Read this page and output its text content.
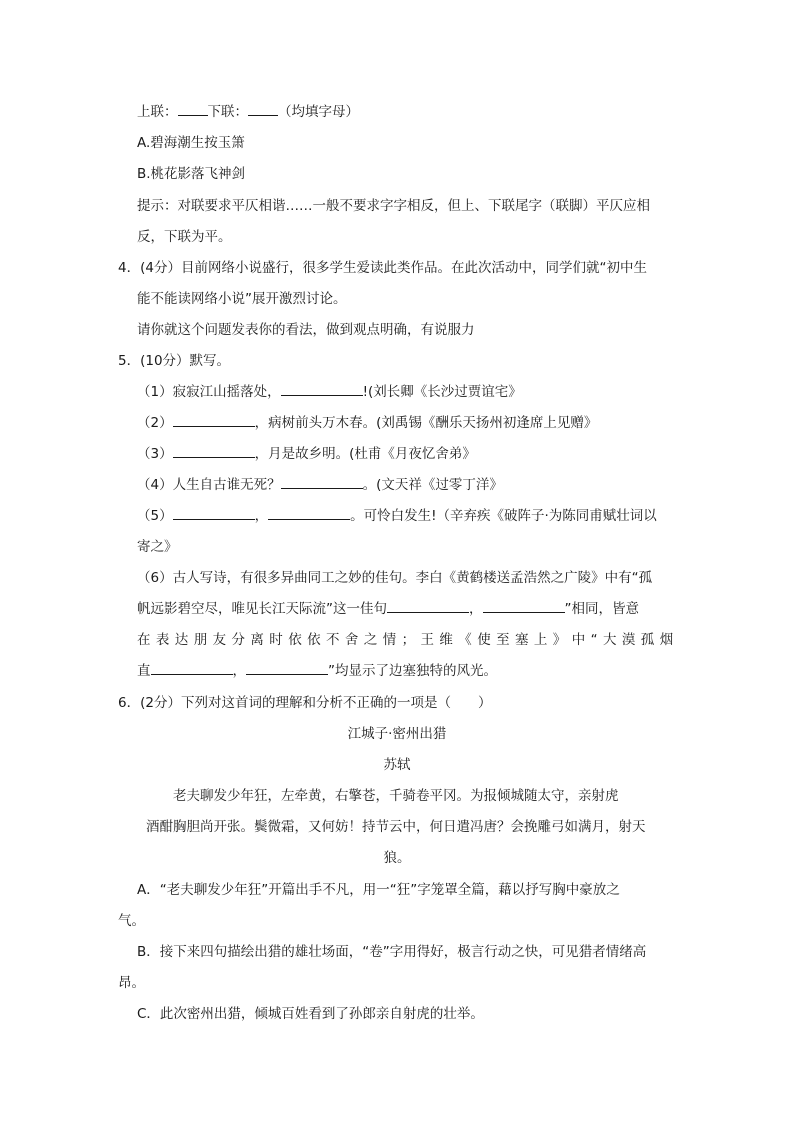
上联： 下联： （均填字母）
A.碧海潮生按玉箫
B.桃花影落飞神剑
提示：对联要求平仄相谐……一般不要求字字相反，但上、下联尾字（联脚）平仄应相
反，下联为平。
4．(4分）目前网络小说盛行，很多学生爱读此类作品。在此次活动中，同学们就“初中生
能不能读网络小说”展开激烈讨论。
请你就这个问题发表你的看法，做到观点明确，有说服力
5．(10分）默写。
（1）寂寂江山摇落处，	!(刘长卿《长沙过贾谊宅》
（2）	，病树前头万木春。(刘禹锡《酬乐天扬州初逢席上见赠》
（3）	，月是故乡明。(杜甫《月夜忆舍弟》
（4）人生自古谁无死？	。(文天祥《过零丁洋》
（5）	，	。可怜白发生!（辛弃疾《破阵子·为陈同甫赋壮词以
寄之》
（6）古人写诗，有很多异曲同工之妙的佳句。李白《黄鹤楼送孟浩然之广陵》中有“孤
帆远影碧空尽，唯见长江天际流”这一佳句	，	”相同，皆意
在表达朋友分离时依依不舍之情；王维《使至塞上》中“大漠孤烟
直	，	”均显示了边塞独特的风光。
6．(2分）下列对这首词的理解和分析不正确的一项是（　　）
江城子·密州出猎
苏轼
老夫聊发少年狂，左牵黄，右擎苍，千骑卷平冈。为报倾城随太守，亲射虎
酒酣胸胆尚开张。鬓微霜，又何妨！持节云中，何日遣冯唐？会挽雕弓如满月，射天
狼。
A．“老夫聊发少年狂”开篇出手不凡，用一“狂”字笼罩全篇，藉以抒写胸中豪放之
气。
B．接下来四句描绘出猎的雄壮场面，“卷”字用得好，极言行动之快，可见猎者情绪高
昂。
C．此次密州出猎，倾城百姓看到了孙郎亲自射虎的壮举。
